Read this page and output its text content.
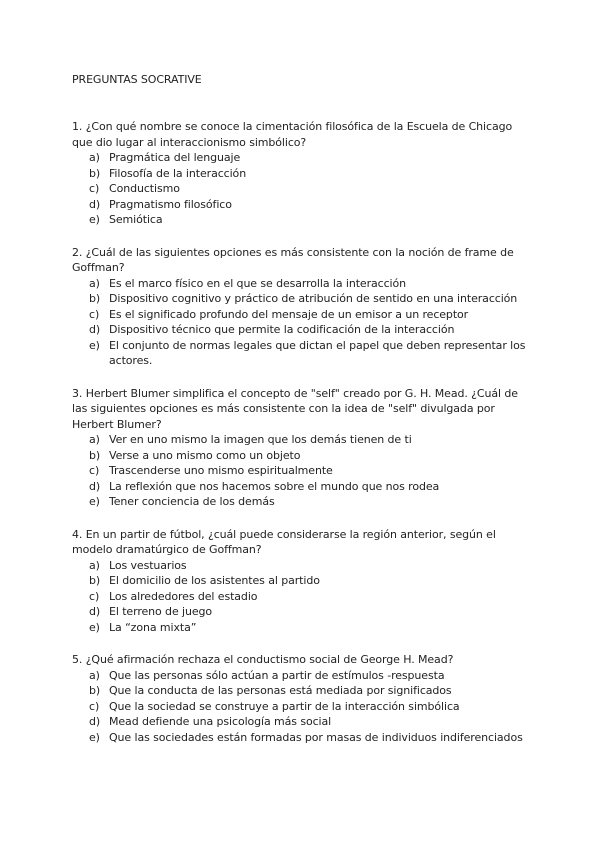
PREGUNTAS SOCRATIVE
1. ¿Con qué nombre se conoce la cimentación filosófica de la Escuela de Chicago que dio lugar al interaccionismo simbólico?
a) Pragmática del lenguaje
b) Filosofía de la interacción
c) Conductismo
d) Pragmatismo filosófico
e) Semiótica
2. ¿Cuál de las siguientes opciones es más consistente con la noción de frame de Goffman?
a) Es el marco físico en el que se desarrolla la interacción
b) Dispositivo cognitivo y práctico de atribución de sentido en una interacción
c) Es el significado profundo del mensaje de un emisor a un receptor
d) Dispositivo técnico que permite la codificación de la interacción
e) El conjunto de normas legales que dictan el papel que deben representar los actores.
3. Herbert Blumer simplifica el concepto de "self" creado por G. H. Mead. ¿Cuál de las siguientes opciones es más consistente con la idea de "self" divulgada por Herbert Blumer?
a) Ver en uno mismo la imagen que los demás tienen de ti
b) Verse a uno mismo como un objeto
c) Trascenderse uno mismo espiritualmente
d) La reflexión que nos hacemos sobre el mundo que nos rodea
e) Tener conciencia de los demás
4. En un partir de fútbol, ¿cuál puede considerarse la región anterior, según el modelo dramatúrgico de Goffman?
a) Los vestuarios
b) El domicilio de los asistentes al partido
c) Los alrededores del estadio
d) El terreno de juego
e) La “zona mixta”
5. ¿Qué afirmación rechaza el conductismo social de George H. Mead?
a) Que las personas sólo actúan a partir de estímulos -respuesta
b) Que la conducta de las personas está mediada por significados
c) Que la sociedad se construye a partir de la interacción simbólica
d) Mead defiende una psicología más social
e) Que las sociedades están formadas por masas de individuos indiferenciados
